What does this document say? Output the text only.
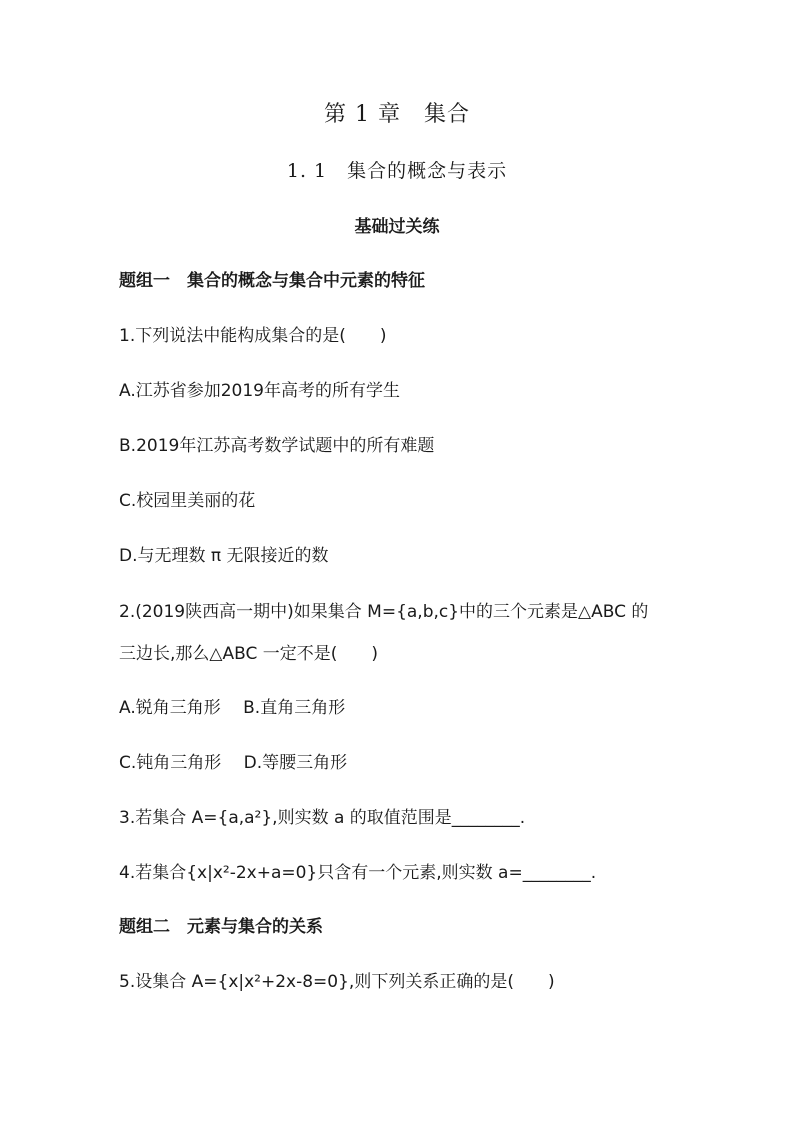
第 1 章　集合
1. 1　集合的概念与表示
基础过关练
题组一　集合的概念与集合中元素的特征
1.下列说法中能构成集合的是(　　)
A.江苏省参加2019年高考的所有学生
B.2019年江苏高考数学试题中的所有难题
C.校园里美丽的花
D.与无理数 π 无限接近的数
2.(2019陕西高一期中)如果集合 M={a,b,c}中的三个元素是△ABC 的
三边长,那么△ABC 一定不是(　　)
A.锐角三角形　 B.直角三角形
C.钝角三角形　 D.等腰三角形
3.若集合 A={a,a²},则实数 a 的取值范围是________.
4.若集合{x|x²-2x+a=0}只含有一个元素,则实数 a=________.
题组二　元素与集合的关系
5.设集合 A={x|x²+2x-8=0},则下列关系正确的是(　　)
